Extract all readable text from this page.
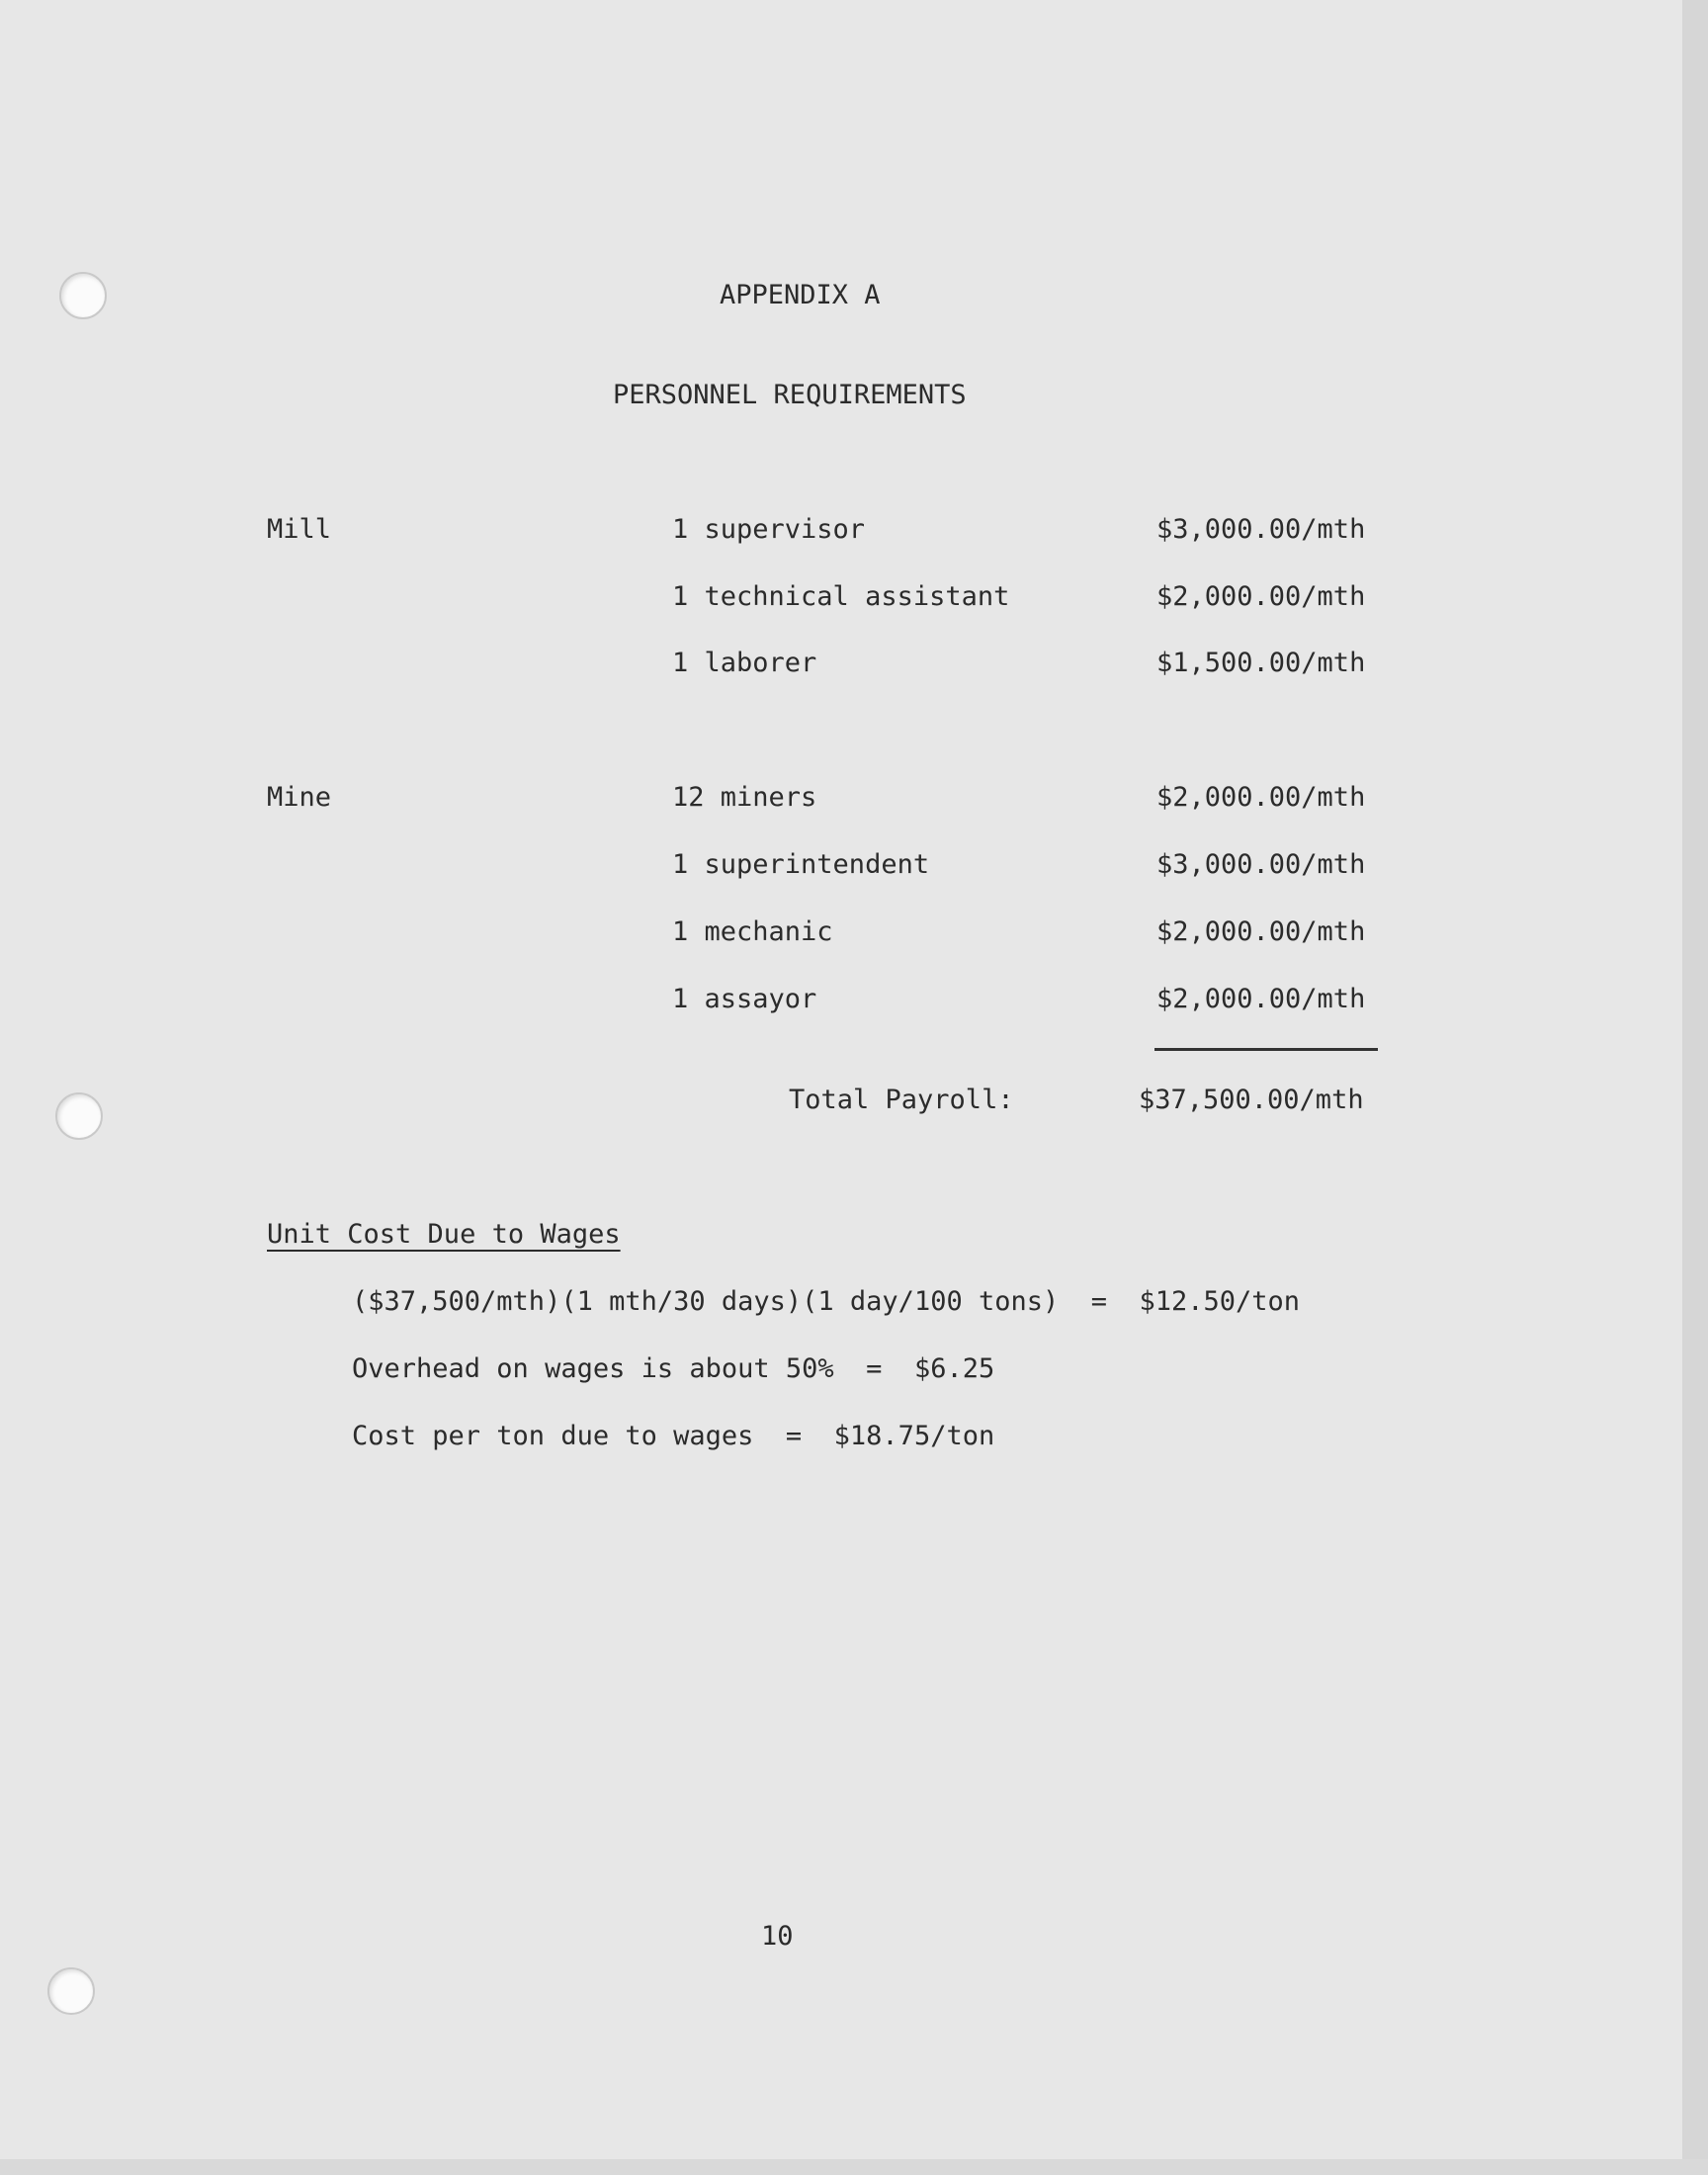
APPENDIX A
PERSONNEL REQUIREMENTS
Mill	1 supervisor	$3,000.00/mth
1 technical assistant	$2,000.00/mth
1 laborer	$1,500.00/mth
Mine	12 miners	$2,000.00/mth
1 superintendent	$3,000.00/mth
1 mechanic	$2,000.00/mth
1 assayor	$2,000.00/mth
Total Payroll:	$37,500.00/mth
Unit Cost Due to Wages
($37,500/mth)(1 mth/30 days)(1 day/100 tons)  =  $12.50/ton
Overhead on wages is about 50%  =  $6.25
Cost per ton due to wages  =  $18.75/ton
10
